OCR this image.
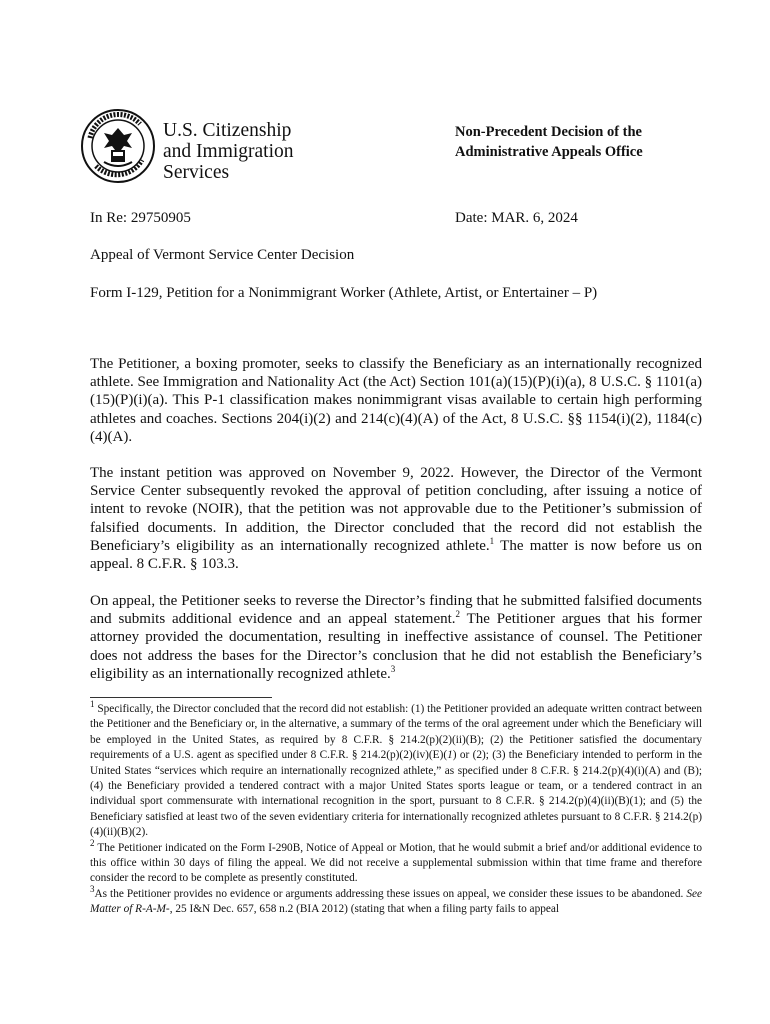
U.S. Citizenship
and Immigration
Services
Non-Precedent Decision of the
Administrative Appeals Office
In Re: 29750905	Date: MAR. 6, 2024
Appeal of Vermont Service Center Decision
Form I-129, Petition for a Nonimmigrant Worker (Athlete, Artist, or Entertainer – P)
The Petitioner, a boxing promoter, seeks to classify the Beneficiary as an internationally recognized athlete. See Immigration and Nationality Act (the Act) Section 101(a)(15)(P)(i)(a), 8 U.S.C. § 1101(a)(15)(P)(i)(a). This P-1 classification makes nonimmigrant visas available to certain high performing athletes and coaches. Sections 204(i)(2) and 214(c)(4)(A) of the Act, 8 U.S.C. §§ 1154(i)(2), 1184(c)(4)(A).
The instant petition was approved on November 9, 2022. However, the Director of the Vermont Service Center subsequently revoked the approval of petition concluding, after issuing a notice of intent to revoke (NOIR), that the petition was not approvable due to the Petitioner’s submission of falsified documents. In addition, the Director concluded that the record did not establish the Beneficiary’s eligibility as an internationally recognized athlete.$^1$ The matter is now before us on appeal. 8 C.F.R. § 103.3.
On appeal, the Petitioner seeks to reverse the Director’s finding that he submitted falsified documents and submits additional evidence and an appeal statement.$^2$ The Petitioner argues that his former attorney provided the documentation, resulting in ineffective assistance of counsel. The Petitioner does not address the bases for the Director’s conclusion that he did not establish the Beneficiary’s eligibility as an internationally recognized athlete.$^3$

$^1$ Specifically, the Director concluded that the record did not establish: (1) the Petitioner provided an adequate written contract between the Petitioner and the Beneficiary or, in the alternative, a summary of the terms of the oral agreement under which the Beneficiary will be employed in the United States, as required by 8 C.F.R. § 214.2(p)(2)(ii)(B); (2) the Petitioner satisfied the documentary requirements of a U.S. agent as specified under 8 C.F.R. § 214.2(p)(2)(iv)(E)(1) or (2); (3) the Beneficiary intended to perform in the United States “services which require an internationally recognized athlete,” as specified under 8 C.F.R. § 214.2(p)(4)(i)(A) and (B); (4) the Beneficiary provided a tendered contract with a major United States sports league or team, or a tendered contract in an individual sport commensurate with international recognition in the sport, pursuant to 8 C.F.R. § 214.2(p)(4)(ii)(B)(1); and (5) the Beneficiary satisfied at least two of the seven evidentiary criteria for internationally recognized athletes pursuant to 8 C.F.R. § 214.2(p)(4)(ii)(B)(2).

$^2$ The Petitioner indicated on the Form I-290B, Notice of Appeal or Motion, that he would submit a brief and/or additional evidence to this office within 30 days of filing the appeal. We did not receive a supplemental submission within that time frame and therefore consider the record to be complete as presently constituted.

$^3$As the Petitioner provides no evidence or arguments addressing these issues on appeal, we consider these issues to be abandoned. See Matter of R-A-M-, 25 I&N Dec. 657, 658 n.2 (BIA 2012) (stating that when a filing party fails to appeal
